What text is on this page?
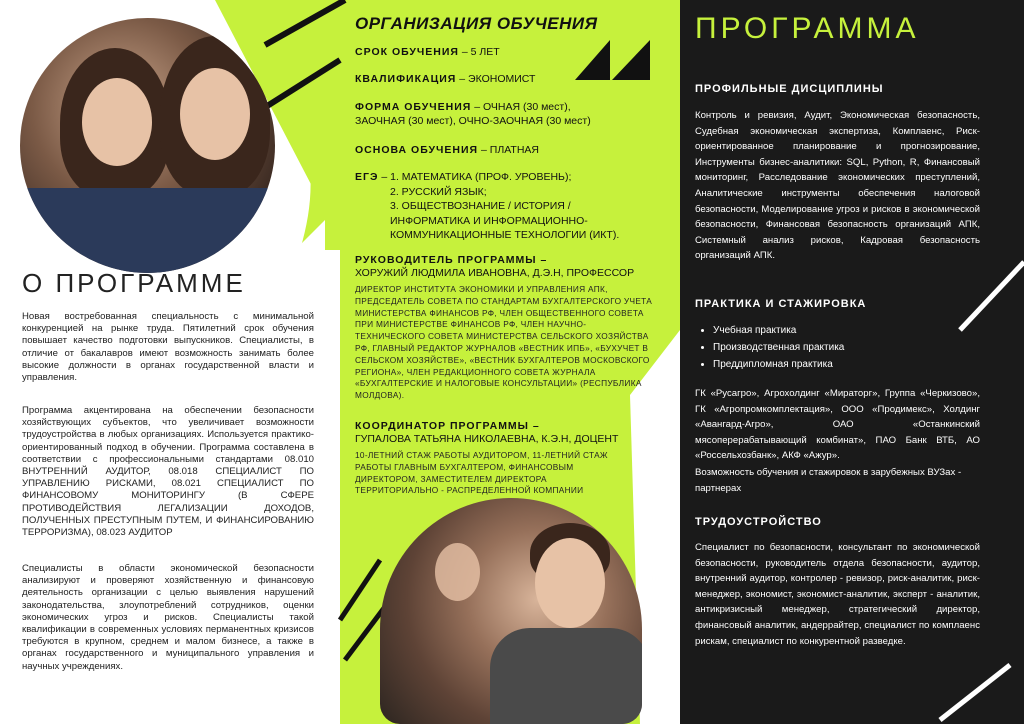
О ПРОГРАММЕ
Новая востребованная специальность с минимальной конкуренцией на рынке труда. Пятилетний срок обучения повышает качество подготовки выпускников. Специалисты, в отличие от бакалавров имеют возможность занимать более высокие должности в органах государственной власти и управления.
Программа акцентирована на обеспечении безопасности хозяйствующих субъектов, что увеличивает возможности трудоустройства в любых организациях. Используется практико-ориентированный подход в обучении. Программа составлена в соответствии с профессиональными стандартами 08.010 ВНУТРЕННИЙ АУДИТОР, 08.018 СПЕЦИАЛИСТ ПО УПРАВЛЕНИЮ РИСКАМИ, 08.021 СПЕЦИАЛИСТ ПО ФИНАНСОВОМУ МОНИТОРИНГУ (В СФЕРЕ ПРОТИВОДЕЙСТВИЯ ЛЕГАЛИЗАЦИИ ДОХОДОВ, ПОЛУЧЕННЫХ ПРЕСТУПНЫМ ПУТЕМ, И ФИНАНСИРОВАНИЮ ТЕРРОРИЗМА), 08.023 АУДИТОР
Специалисты в области экономической безопасности анализируют и проверяют хозяйственную и финансовую деятельность организации с целью выявления нарушений законодательства, злоупотреблений сотрудников, оценки экономических угроз и рисков. Специалисты такой квалификации в современных условиях перманентных кризисов требуются в крупном, среднем и малом бизнесе, а также в органах государственного и муниципального управления и научных учреждениях.
ОРГАНИЗАЦИЯ ОБУЧЕНИЯ
СРОК ОБУЧЕНИЯ – 5 ЛЕТ
КВАЛИФИКАЦИЯ – ЭКОНОМИСТ
ФОРМА ОБУЧЕНИЯ – ОЧНАЯ (30 мест),
ЗАОЧНАЯ (30 мест), ОЧНО-ЗАОЧНАЯ (30 мест)
ОСНОВА ОБУЧЕНИЯ – ПЛАТНАЯ
ЕГЭ – 1. МАТЕМАТИКА (ПРОФ. УРОВЕНЬ);
2. РУССКИЙ ЯЗЫК;
3. ОБЩЕСТВОЗНАНИЕ / ИСТОРИЯ /
ИНФОРМАТИКА И ИНФОРМАЦИОННО-
КОММУНИКАЦИОННЫЕ ТЕХНОЛОГИИ (ИКТ).
РУКОВОДИТЕЛЬ ПРОГРАММЫ –
ХОРУЖИЙ ЛЮДМИЛА ИВАНОВНА, Д.Э.Н, ПРОФЕССОР
ДИРЕКТОР ИНСТИТУТА ЭКОНОМИКИ И УПРАВЛЕНИЯ АПК, ПРЕДСЕДАТЕЛЬ СОВЕТА ПО СТАНДАРТАМ БУХГАЛТЕРСКОГО УЧЕТА МИНИСТЕРСТВА ФИНАНСОВ РФ, ЧЛЕН ОБЩЕСТВЕННОГО СОВЕТА ПРИ МИНИСТЕРСТВЕ ФИНАНСОВ РФ, ЧЛЕН НАУЧНО-ТЕХНИЧЕСКОГО СОВЕТА МИНИСТЕРСТВА СЕЛЬСКОГО ХОЗЯЙСТВА РФ, ГЛАВНЫЙ РЕДАКТОР ЖУРНАЛОВ «ВЕСТНИК ИПБ», «БУХУЧЕТ В СЕЛЬСКОМ ХОЗЯЙСТВЕ», «ВЕСТНИК БУХГАЛТЕРОВ МОСКОВСКОГО РЕГИОНА», ЧЛЕН РЕДАКЦИОННОГО СОВЕТА ЖУРНАЛА «БУХГАЛТЕРСКИЕ И НАЛОГОВЫЕ КОНСУЛЬТАЦИИ» (РЕСПУБЛИКА МОЛДОВА).
КООРДИНАТОР ПРОГРАММЫ –
ГУПАЛОВА ТАТЬЯНА НИКОЛАЕВНА, К.Э.Н, ДОЦЕНТ
10-ЛЕТНИЙ СТАЖ РАБОТЫ АУДИТОРОМ, 11-ЛЕТНИЙ СТАЖ РАБОТЫ ГЛАВНЫМ БУХГАЛТЕРОМ, ФИНАНСОВЫМ ДИРЕКТОРОМ, ЗАМЕСТИТЕЛЕМ ДИРЕКТОРА ТЕРРИТОРИАЛЬНО - РАСПРЕДЕЛЕННОЙ КОМПАНИИ
ПРОГРАММА
ПРОФИЛЬНЫЕ ДИСЦИПЛИНЫ
Контроль и ревизия, Аудит, Экономическая безопасность, Судебная экономическая экспертиза, Комплаенс, Риск-ориентированное планирование и прогнозирование, Инструменты бизнес-аналитики: SQL, Python, R, Финансовый мониторинг, Расследование экономических преступлений, Аналитические инструменты обеспечения налоговой безопасности, Моделирование угроз и рисков в экономической безопасности, Финансовая безопасность организаций АПК, Системный анализ рисков, Кадровая безопасность организаций АПК.
ПРАКТИКА И СТАЖИРОВКА
• Учебная практика
• Производственная практика
• Преддипломная практика
ГК «Русагро», Агрохолдинг «Мираторг», Группа «Черкизово», ГК «Агропромкомплектация», ООО «Продимекс», Холдинг «Авангард-Агро», ОАО «Останкинский мясоперерабатывающий комбинат», ПАО Банк ВТБ, АО «Россельхозбанк», АКФ «Ажур».
Возможность обучения и стажировок в зарубежных ВУЗах - партнерах
ТРУДОУСТРОЙСТВО
Специалист по безопасности, консультант по экономической безопасности, руководитель отдела безопасности, аудитор, внутренний аудитор, контролер - ревизор, риск-аналитик, риск-менеджер, экономист, экономист-аналитик, эксперт - аналитик, антикризисный менеджер, стратегический директор, финансовый аналитик, андеррайтер, специалист по комплаенс рискам, специалист по конкурентной разведке.
